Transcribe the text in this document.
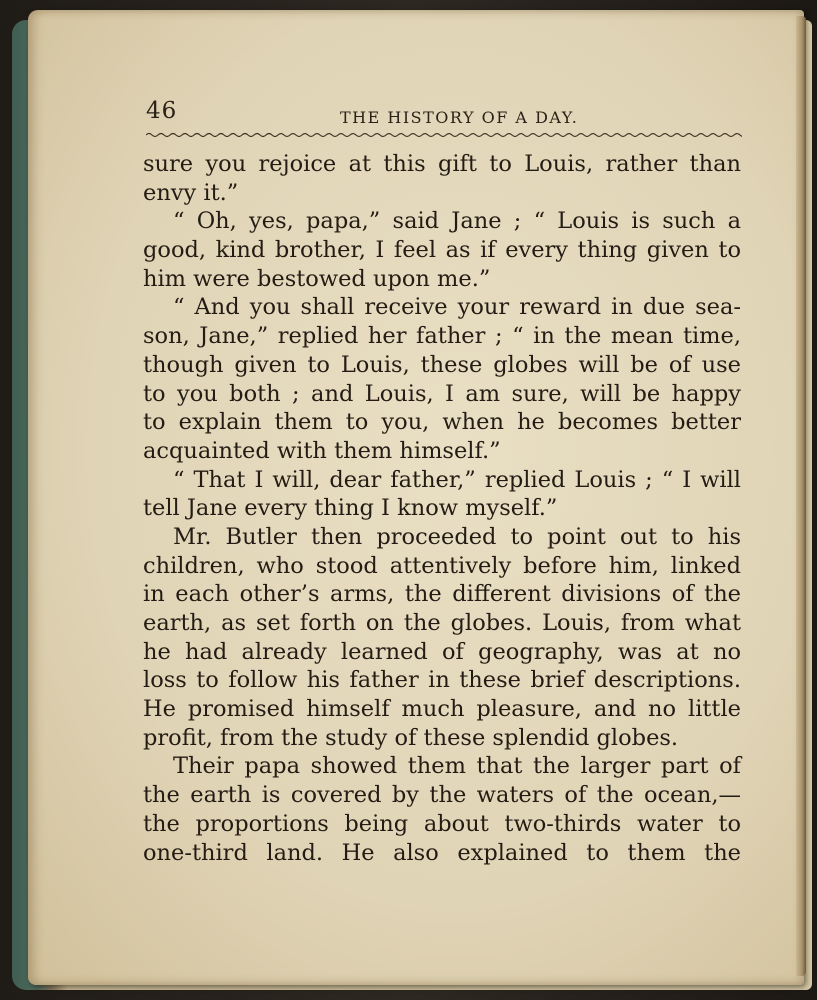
46	THE HISTORY OF A DAY.
sure you rejoice at this gift to Louis, rather than
envy it.”
“ Oh, yes, papa,” said Jane ; “ Louis is such a
good, kind brother, I feel as if every thing given to
him were bestowed upon me.”
“ And you shall receive your reward in due sea-
son, Jane,” replied her father ; “ in the mean time,
though given to Louis, these globes will be of use
to you both ; and Louis, I am sure, will be happy
to explain them to you, when he becomes better
acquainted with them himself.”
“ That I will, dear father,” replied Louis ; “ I will
tell Jane every thing I know myself.”
Mr. Butler then proceeded to point out to his
children, who stood attentively before him, linked
in each other’s arms, the different divisions of the
earth, as set forth on the globes. Louis, from what
he had already learned of geography, was at no
loss to follow his father in these brief descriptions.
He promised himself much pleasure, and no little
profit, from the study of these splendid globes.
Their papa showed them that the larger part of
the earth is covered by the waters of the ocean,—
the proportions being about two-thirds water to
one-third land. He also explained to them the
